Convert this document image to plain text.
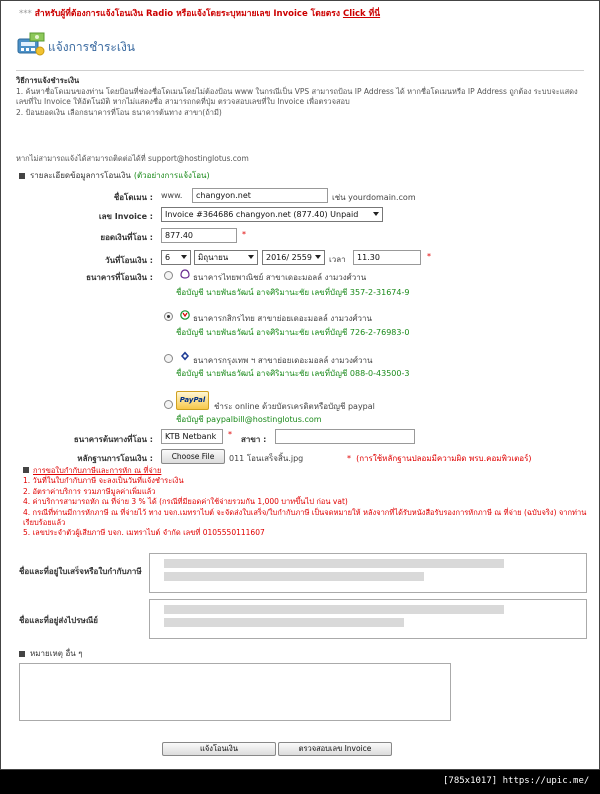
*** สำหรับผู้ที่ต้องการแจ้งโอนเงิน Radio หรือแจ้งโดยระบุหมายเลข Invoice โดยตรง Click ที่นี่
แจ้งการชำระเงิน
วิธีการแจ้งชำระเงิน
1. ค้นหาชื่อโดเมนของท่าน โดยป้อนที่ช่องชื่อโดเมนโดยไม่ต้องป้อน www ในกรณีเป็น VPS สามารถป้อน IP Address ได้ หากชื่อโดเมนหรือ IP Address ถูกต้อง ระบบจะแสดงเลขที่ใบ Invoice ให้อัตโนมัติ หากไม่แสดงชื่อ สามารถกดที่ปุ่ม ตรวจสอบเลขที่ใบ Invoice เพื่อตรวจสอบ
2. ป้อนยอดเงิน เลือกธนาคารที่โอน ธนาคารต้นทาง สาขา(ถ้ามี)
หากไม่สามารถแจ้งได้สามารถติดต่อได้ที่ support@hostinglotus.com
รายละเอียดข้อมูลการโอนเงิน (ตัวอย่างการแจ้งโอน)
ชื่อโดเมน : www.
changyon.net	เช่น yourdomain.com
เลข Invoice :	Invoice #364686 changyon.net (877.40) Unpaid
ยอดเงินที่โอน :
877.40	*
วันที่โอนเงิน :	6	มิถุนายน	2016/ 2559	เวลา
11.30	*
ธนาคารที่โอนเงิน :	ธนาคารไทยพาณิชย์ สาขาเดอะมอลล์ งามวงศ์วาน
ชื่อบัญชี นายพันธวัฒน์ อาจศิริมานะชัย เลขที่บัญชี 357-2-31674-9
ธนาคารกสิกรไทย สาขาย่อยเดอะมอลล์ งามวงศ์วาน
ชื่อบัญชี นายพันธวัฒน์ อาจศิริมานะชัย เลขที่บัญชี 726-2-76983-0
ธนาคารกรุงเทพ ฯ สาขาย่อยเดอะมอลล์ งามวงศ์วาน
ชื่อบัญชี นายพันธวัฒน์ อาจศิริมานะชัย เลขที่บัญชี 088-0-43500-3
PayPal
ชำระ online ด้วยบัตรเครดิตหรือบัญชี paypal
ชื่อบัญชี paypalbill@hostinglotus.com
ธนาคารต้นทางที่โอน :
KTB Netbank
*
สาขา :
หลักฐานการโอนเงิน :	Choose File	011 โอนเสร็จสิ้น.jpg	* (การใช้หลักฐานปลอมมีความผิด พรบ.คอมพิวเตอร์)
การขอใบกำกับภาษีและการหัก ณ ที่จ่าย
1. วันที่ในใบกำกับภาษี จะลงเป็นวันที่แจ้งชำระเงิน
2. อัตราค่าบริการ รวมภาษีมูลค่าเพิ่มแล้ว
4. ค่าบริการสามารถหัก ณ ที่จ่าย 3 % ได้ (กรณีที่มียอดค่าใช้จ่ายรวมกัน 1,000 บาทขึ้นไป ก่อน vat)
4. กรณีที่ท่านมีการหักภาษี ณ ที่จ่ายไว้ ทาง บจก.เมทราไบต์ จะจัดส่งใบเสร็จ/ใบกำกับภาษี เป็นจดหมายให้ หลังจากที่ได้รับหนังสือรับรองการหักภาษี ณ ที่จ่าย (ฉบับจริง) จากท่านเรียบร้อยแล้ว
5. เลขประจำตัวผู้เสียภาษี บจก. เมทราไบต์ จำกัด เลขที่ 0105550111607
ชื่อและที่อยู่ใบเสร็จหรือใบกำกับภาษี
ชื่อและที่อยู่ส่งไปรษณีย์
หมายเหตุ อื่น ๆ
แจ้งโอนเงิน	ตรวจสอบเลข Invoice
[785x1017] https://upic.me/
